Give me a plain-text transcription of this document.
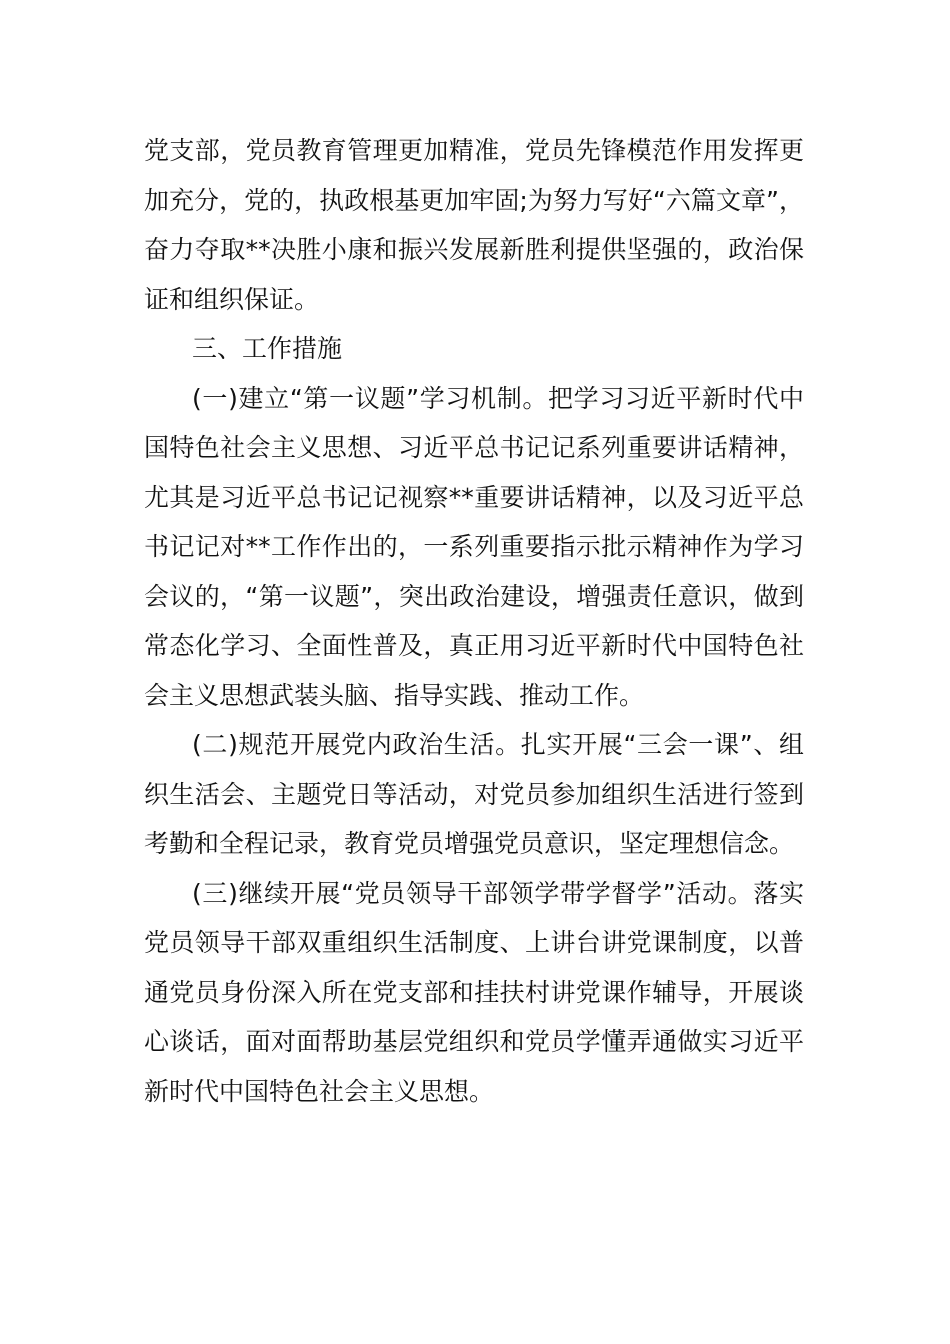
党支部，党员教育管理更加精准，党员先锋模范作用发挥更加充分，党的，执政根基更加牢固;为努力写好“六篇文章”，奋力夺取**决胜小康和振兴发展新胜利提供坚强的，政治保证和组织保证。

三、工作措施

(一)建立“第一议题”学习机制。把学习习近平新时代中国特色社会主义思想、习近平总书记记系列重要讲话精神，尤其是习近平总书记记视察**重要讲话精神，以及习近平总书记记对**工作作出的，一系列重要指示批示精神作为学习会议的，“第一议题”，突出政治建设，增强责任意识，做到常态化学习、全面性普及，真正用习近平新时代中国特色社会主义思想武装头脑、指导实践、推动工作。

(二)规范开展党内政治生活。扎实开展“三会一课”、组织生活会、主题党日等活动，对党员参加组织生活进行签到考勤和全程记录，教育党员增强党员意识，坚定理想信念。

(三)继续开展“党员领导干部领学带学督学”活动。落实党员领导干部双重组织生活制度、上讲台讲党课制度，以普通党员身份深入所在党支部和挂扶村讲党课作辅导，开展谈心谈话，面对面帮助基层党组织和党员学懂弄通做实习近平新时代中国特色社会主义思想。
